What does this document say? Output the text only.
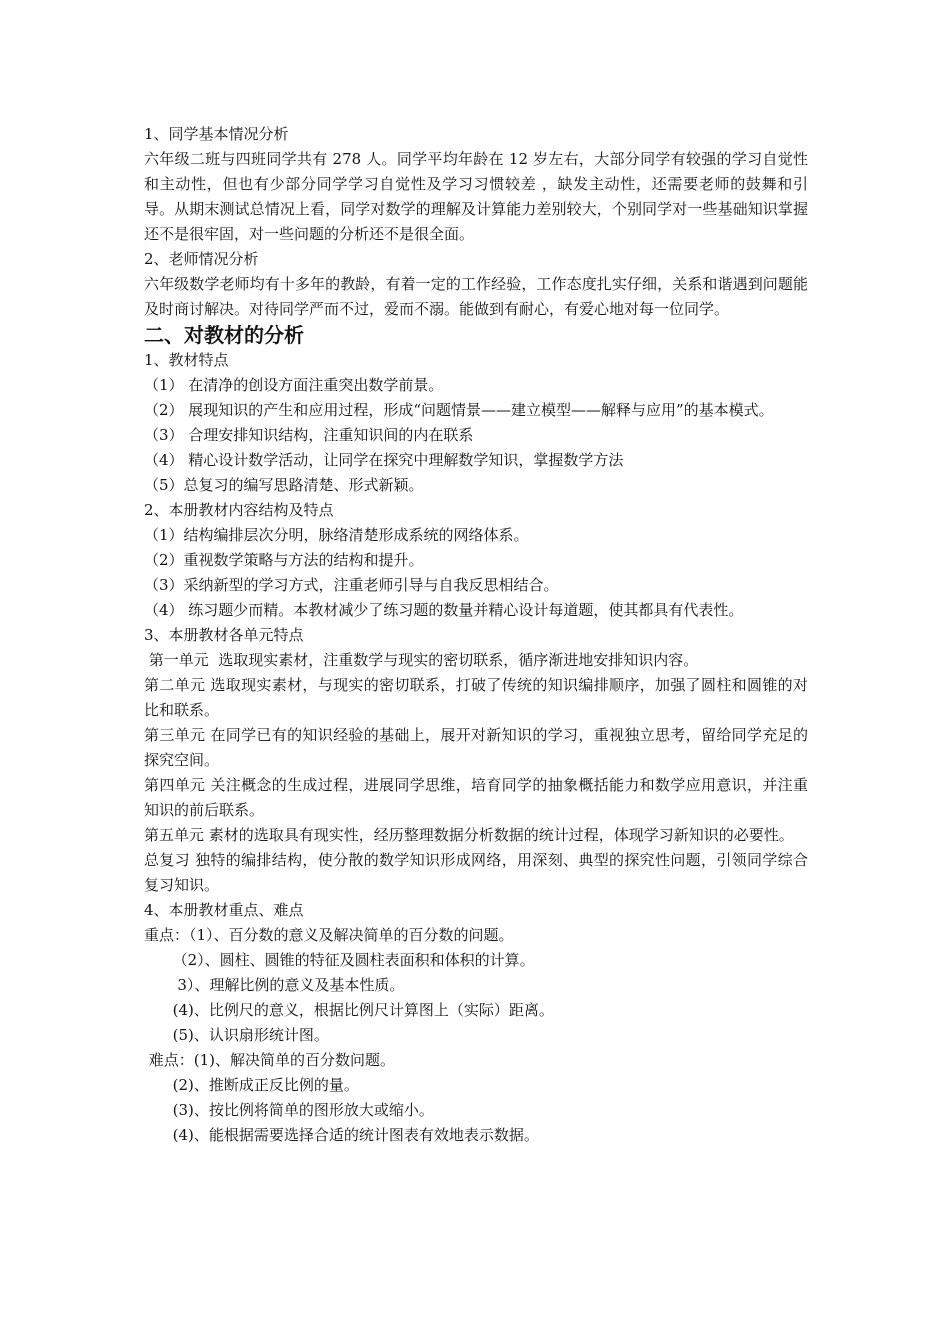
1、同学基本情况分析

六年级二班与四班同学共有 278 人。同学平均年龄在 12 岁左右，大部分同学有较强的学习自觉性和主动性，但也有少部分同学学习自觉性及学习习惯较差 ，缺发主动性，还需要老师的鼓舞和引导。从期末测试总情况上看，同学对数学的理解及计算能力差别较大，个别同学对一些基础知识掌握还不是很牢固，对一些问题的分析还不是很全面。

2、老师情况分析

六年级数学老师均有十多年的教龄，有着一定的工作经验，工作态度扎实仔细，关系和谐遇到问题能及时商讨解决。对待同学严而不过，爱而不溺。能做到有耐心，有爱心地对每一位同学。

二、对教材的分析

1、教材特点

（1） 在清净的创设方面注重突出数学前景。

（2） 展现知识的产生和应用过程，形成“问题情景——建立模型——解释与应用”的基本模式。

（3） 合理安排知识结构，注重知识间的内在联系

（4） 精心设计数学活动，让同学在探究中理解数学知识，掌握数学方法

（5）总复习的编写思路清楚、形式新颖。

2、本册教材内容结构及特点

（1）结构编排层次分明，脉络清楚形成系统的网络体系。

（2）重视数学策略与方法的结构和提升。

（3）采纳新型的学习方式，注重老师引导与自我反思相结合。

（4） 练习题少而精。本教材减少了练习题的数量并精心设计每道题，使其都具有代表性。

3、本册教材各单元特点

第一单元  选取现实素材，注重数学与现实的密切联系，循序渐进地安排知识内容。

第二单元 选取现实素材，与现实的密切联系，打破了传统的知识编排顺序，加强了圆柱和圆锥的对比和联系。

第三单元 在同学已有的知识经验的基础上，展开对新知识的学习，重视独立思考，留给同学充足的探究空间。

第四单元 关注概念的生成过程，进展同学思维，培育同学的抽象概括能力和数学应用意识，并注重知识的前后联系。

第五单元 素材的选取具有现实性，经历整理数据分析数据的统计过程，体现学习新知识的必要性。

总复习 独特的编排结构，使分散的数学知识形成网络，用深刻、典型的探究性问题，引领同学综合复习知识。

4、本册教材重点、难点

重点：（1）、百分数的意义及解决简单的百分数的问题。

（2）、圆柱、圆锥的特征及圆柱表面积和体积的计算。

3）、理解比例的意义及基本性质。

(4)、比例尺的意义，根据比例尺计算图上（实际）距离。

(5)、认识扇形统计图。

难点：(1)、解决简单的百分数问题。

(2)、推断成正反比例的量。

(3)、按比例将简单的图形放大或缩小。

(4)、能根据需要选择合适的统计图表有效地表示数据。
